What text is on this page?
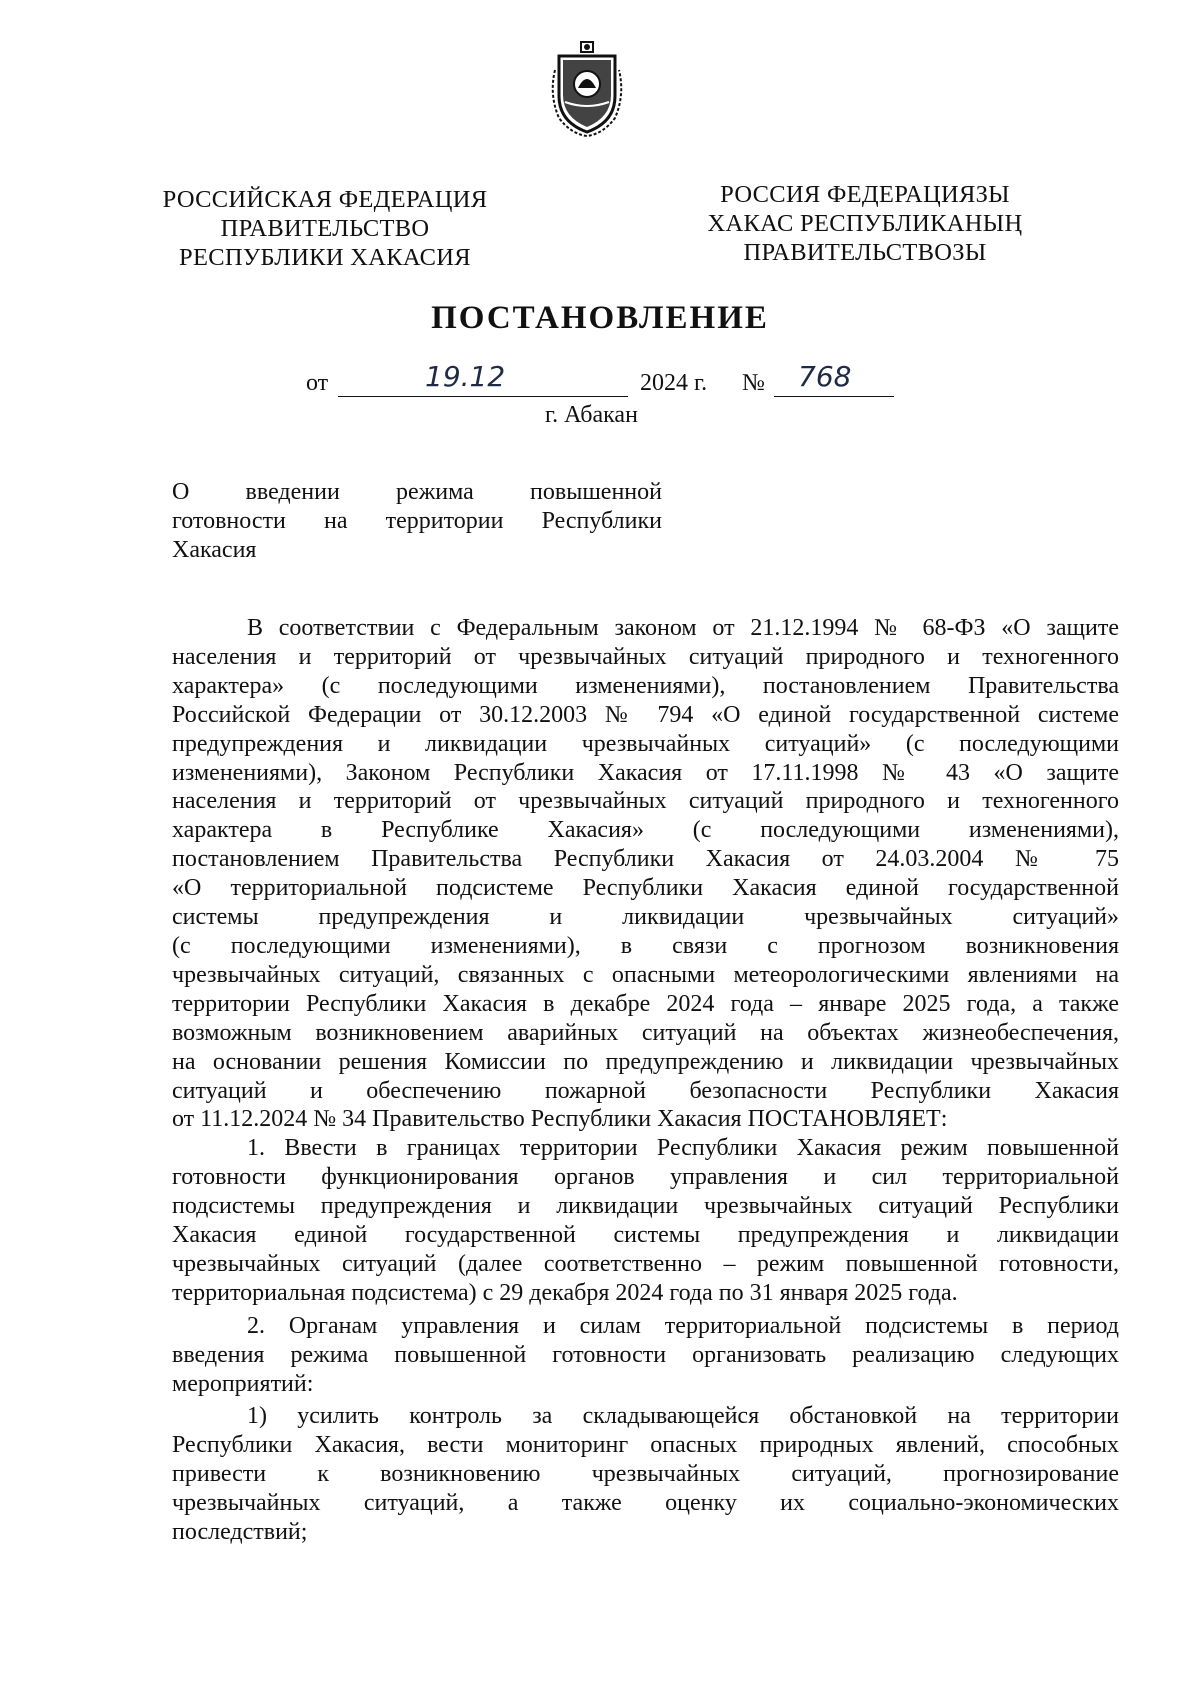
РОССИЙСКАЯ ФЕДЕРАЦИЯ
ПРАВИТЕЛЬСТВО
РЕСПУБЛИКИ ХАКАСИЯ
РОССИЯ ФЕДЕРАЦИЯЗЫ
ХАКАС РЕСПУБЛИКАНЫҢ
ПРАВИТЕЛЬСТВОЗЫ
ПОСТАНОВЛЕНИЕ
от	19.12	2024 г. № 768
г. Абакан
О введении режима повышенной
готовности на территории Республики
Хакасия
В соответствии с Федеральным законом от 21.12.1994 № 68-ФЗ «О защите
населения и территорий от чрезвычайных ситуаций природного и техногенного
характера» (с последующими изменениями), постановлением Правительства
Российской Федерации от 30.12.2003 № 794 «О единой государственной системе
предупреждения и ликвидации чрезвычайных ситуаций» (с последующими
изменениями), Законом Республики Хакасия от 17.11.1998 № 43 «О защите
населения и территорий от чрезвычайных ситуаций природного и техногенного
характера в Республике Хакасия» (с последующими изменениями),
постановлением Правительства Республики Хакасия от 24.03.2004 № 75
«О территориальной подсистеме Республики Хакасия единой государственной
системы предупреждения и ликвидации чрезвычайных ситуаций»
(с последующими изменениями), в связи с прогнозом возникновения
чрезвычайных ситуаций, связанных с опасными метеорологическими явлениями на
территории Республики Хакасия в декабре 2024 года – январе 2025 года, а также
возможным возникновением аварийных ситуаций на объектах жизнеобеспечения,
на основании решения Комиссии по предупреждению и ликвидации чрезвычайных
ситуаций и обеспечению пожарной безопасности Республики Хакасия
от 11.12.2024 № 34 Правительство Республики Хакасия ПОСТАНОВЛЯЕТ:
1. Ввести в границах территории Республики Хакасия режим повышенной
готовности функционирования органов управления и сил территориальной
подсистемы предупреждения и ликвидации чрезвычайных ситуаций Республики
Хакасия единой государственной системы предупреждения и ликвидации
чрезвычайных ситуаций (далее соответственно – режим повышенной готовности,
территориальная подсистема) с 29 декабря 2024 года по 31 января 2025 года.
2. Органам управления и силам территориальной подсистемы в период
введения режима повышенной готовности организовать реализацию следующих
мероприятий:
1) усилить контроль за складывающейся обстановкой на территории
Республики Хакасия, вести мониторинг опасных природных явлений, способных
привести к возникновению чрезвычайных ситуаций, прогнозирование
чрезвычайных ситуаций, а также оценку их социально-экономических
последствий;
